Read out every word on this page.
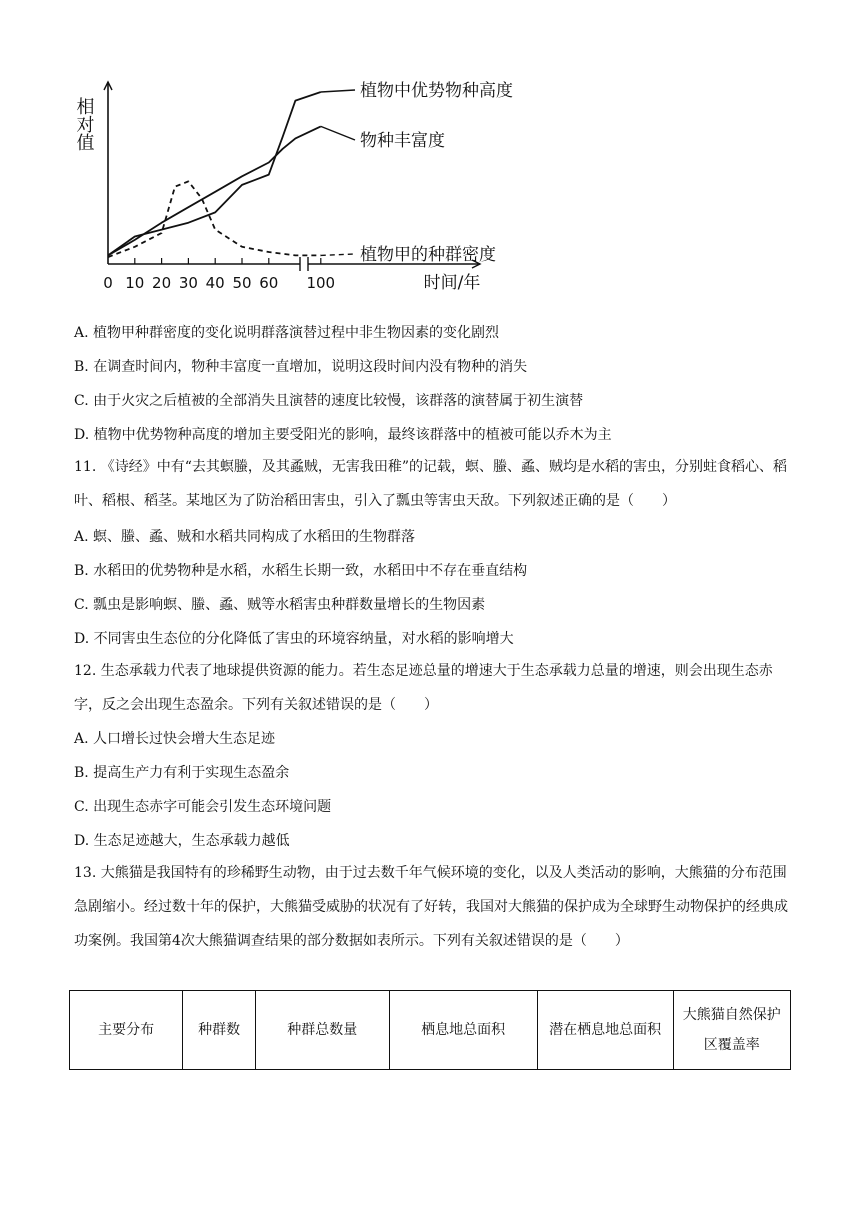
0 10 20 30 40 50 60 100
相对值
时间/年
植物中优势物种高度
物种丰富度
植物甲的种群密度
A. 植物甲种群密度的变化说明群落演替过程中非生物因素的变化剧烈
B. 在调查时间内，物种丰富度一直增加，说明这段时间内没有物种的消失
C. 由于火灾之后植被的全部消失且演替的速度比较慢，该群落的演替属于初生演替
D. 植物中优势物种高度的增加主要受阳光的影响，最终该群落中的植被可能以乔木为主
11. 《诗经》中有“去其螟螣，及其蟊贼，无害我田稚”的记载，螟、螣、蟊、贼均是水稻的害虫，分别蛀食稻心、稻叶、稻根、稻茎。某地区为了防治稻田害虫，引入了瓢虫等害虫天敌。下列叙述正确的是（　　）
A. 螟、螣、蟊、贼和水稻共同构成了水稻田的生物群落
B. 水稻田的优势物种是水稻，水稻生长期一致，水稻田中不存在垂直结构
C. 瓢虫是影响螟、螣、蟊、贼等水稻害虫种群数量增长的生物因素
D. 不同害虫生态位的分化降低了害虫的环境容纳量，对水稻的影响增大
12. 生态承载力代表了地球提供资源的能力。若生态足迹总量的增速大于生态承载力总量的增速，则会出现生态赤字，反之会出现生态盈余。下列有关叙述错误的是（　　）
A. 人口增长过快会增大生态足迹
B. 提高生产力有利于实现生态盈余
C. 出现生态赤字可能会引发生态环境问题
D. 生态足迹越大，生态承载力越低
13. 大熊猫是我国特有的珍稀野生动物，由于过去数千年气候环境的变化，以及人类活动的影响，大熊猫的分布范围急剧缩小。经过数十年的保护，大熊猫受威胁的状况有了好转，我国对大熊猫的保护成为全球野生动物保护的经典成功案例。我国第4次大熊猫调查结果的部分数据如表所示。下列有关叙述错误的是（　　）
主要分布	种群数	种群总数量	栖息地总面积	潜在栖息地总面积	大熊猫自然保护区覆盖率
